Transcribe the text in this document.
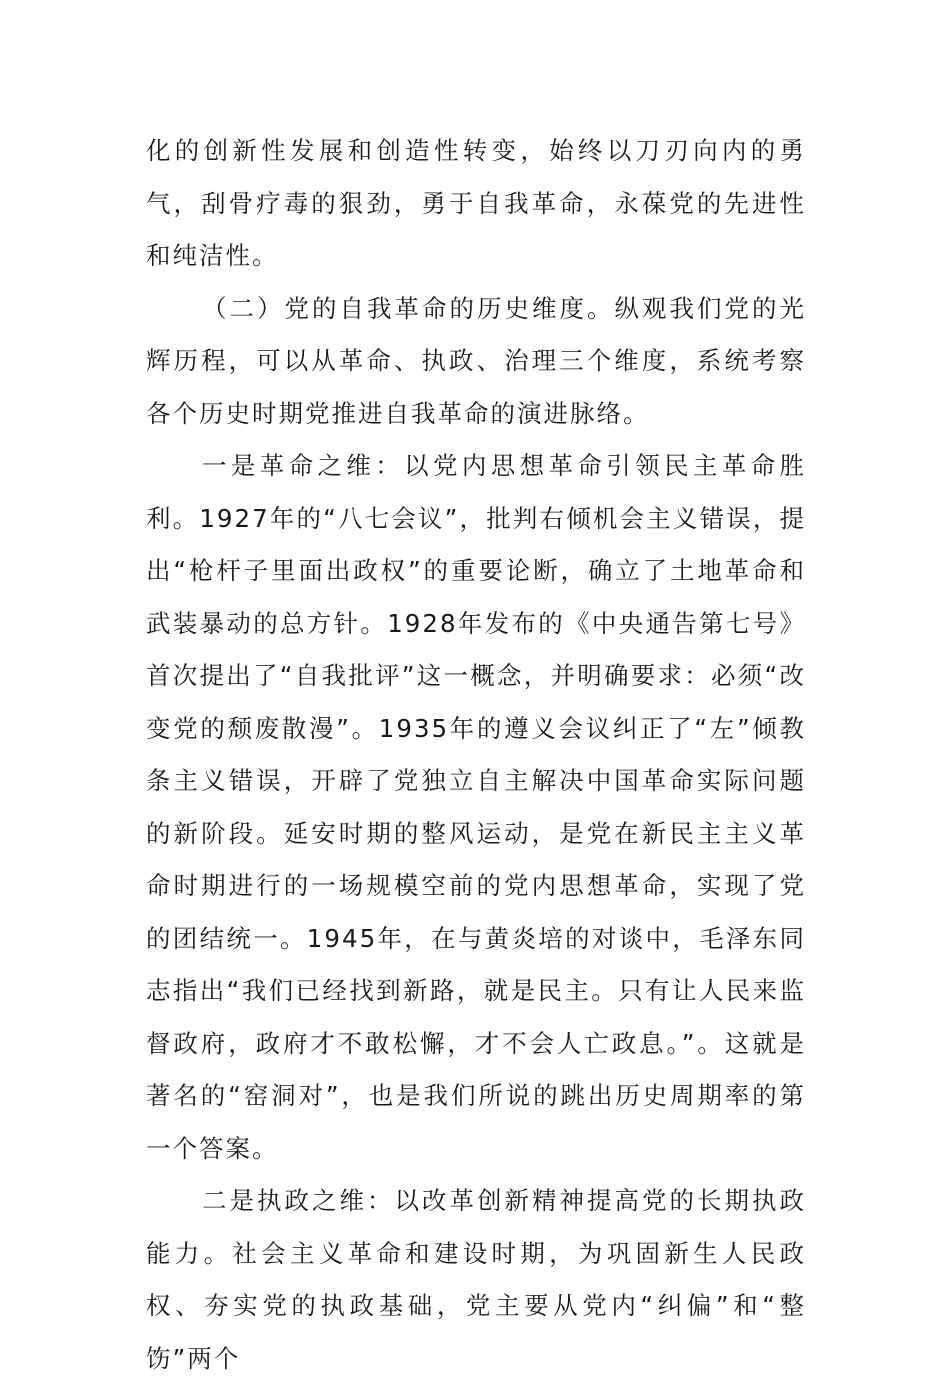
化的创新性发展和创造性转变，始终以刀刃向内的勇气，刮骨疗毒的狠劲，勇于自我革命，永葆党的先进性和纯洁性。

（二）党的自我革命的历史维度。纵观我们党的光辉历程，可以从革命、执政、治理三个维度，系统考察各个历史时期党推进自我革命的演进脉络。

一是革命之维：以党内思想革命引领民主革命胜利。1927年的“八七会议”，批判右倾机会主义错误，提出“枪杆子里面出政权”的重要论断，确立了土地革命和武装暴动的总方针。1928年发布的《中央通告第七号》首次提出了“自我批评”这一概念，并明确要求：必须“改变党的颓废散漫”。1935年的遵义会议纠正了“左”倾教条主义错误，开辟了党独立自主解决中国革命实际问题的新阶段。延安时期的整风运动，是党在新民主主义革命时期进行的一场规模空前的党内思想革命，实现了党的团结统一。1945年，在与黄炎培的对谈中，毛泽东同志指出“我们已经找到新路，就是民主。只有让人民来监督政府，政府才不敢松懈，才不会人亡政息。”。这就是著名的“窑洞对”，也是我们所说的跳出历史周期率的第一个答案。

二是执政之维：以改革创新精神提高党的长期执政能力。社会主义革命和建设时期，为巩固新生人民政权、夯实党的执政基础，党主要从党内“纠偏”和“整饬”两个
